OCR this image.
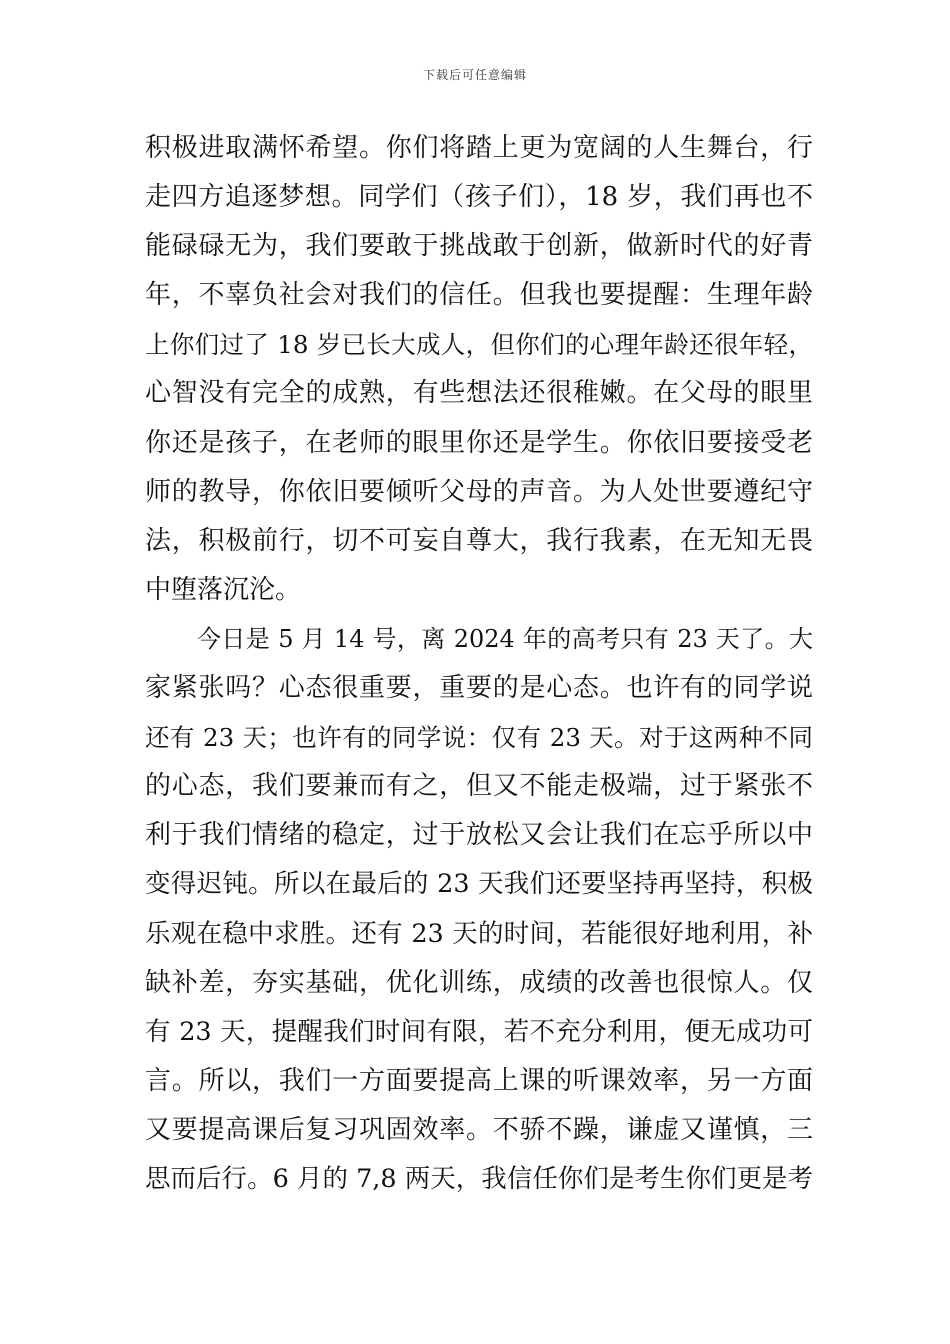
下载后可任意编辑
积极进取满怀希望。你们将踏上更为宽阔的人生舞台，行
走四方追逐梦想。同学们（孩子们），18 岁，我们再也不
能碌碌无为，我们要敢于挑战敢于创新，做新时代的好青
年，不辜负社会对我们的信任。但我也要提醒：生理年龄
上你们过了 18 岁已长大成人，但你们的心理年龄还很年轻，
心智没有完全的成熟，有些想法还很稚嫩。在父母的眼里
你还是孩子，在老师的眼里你还是学生。你依旧要接受老
师的教导，你依旧要倾听父母的声音。为人处世要遵纪守
法，积极前行，切不可妄自尊大，我行我素，在无知无畏
中堕落沉沦。
今日是 5 月 14 号，离 2024 年的高考只有 23 天了。大
家紧张吗？心态很重要，重要的是心态。也许有的同学说
还有 23 天；也许有的同学说：仅有 23 天。对于这两种不同
的心态，我们要兼而有之，但又不能走极端，过于紧张不
利于我们情绪的稳定，过于放松又会让我们在忘乎所以中
变得迟钝。所以在最后的 23 天我们还要坚持再坚持，积极
乐观在稳中求胜。还有 23 天的时间，若能很好地利用，补
缺补差，夯实基础，优化训练，成绩的改善也很惊人。仅
有 23 天，提醒我们时间有限，若不充分利用，便无成功可
言。所以，我们一方面要提高上课的听课效率，另一方面
又要提高课后复习巩固效率。不骄不躁，谦虚又谨慎，三
思而后行。6 月的 7,8 两天，我信任你们是考生你们更是考
